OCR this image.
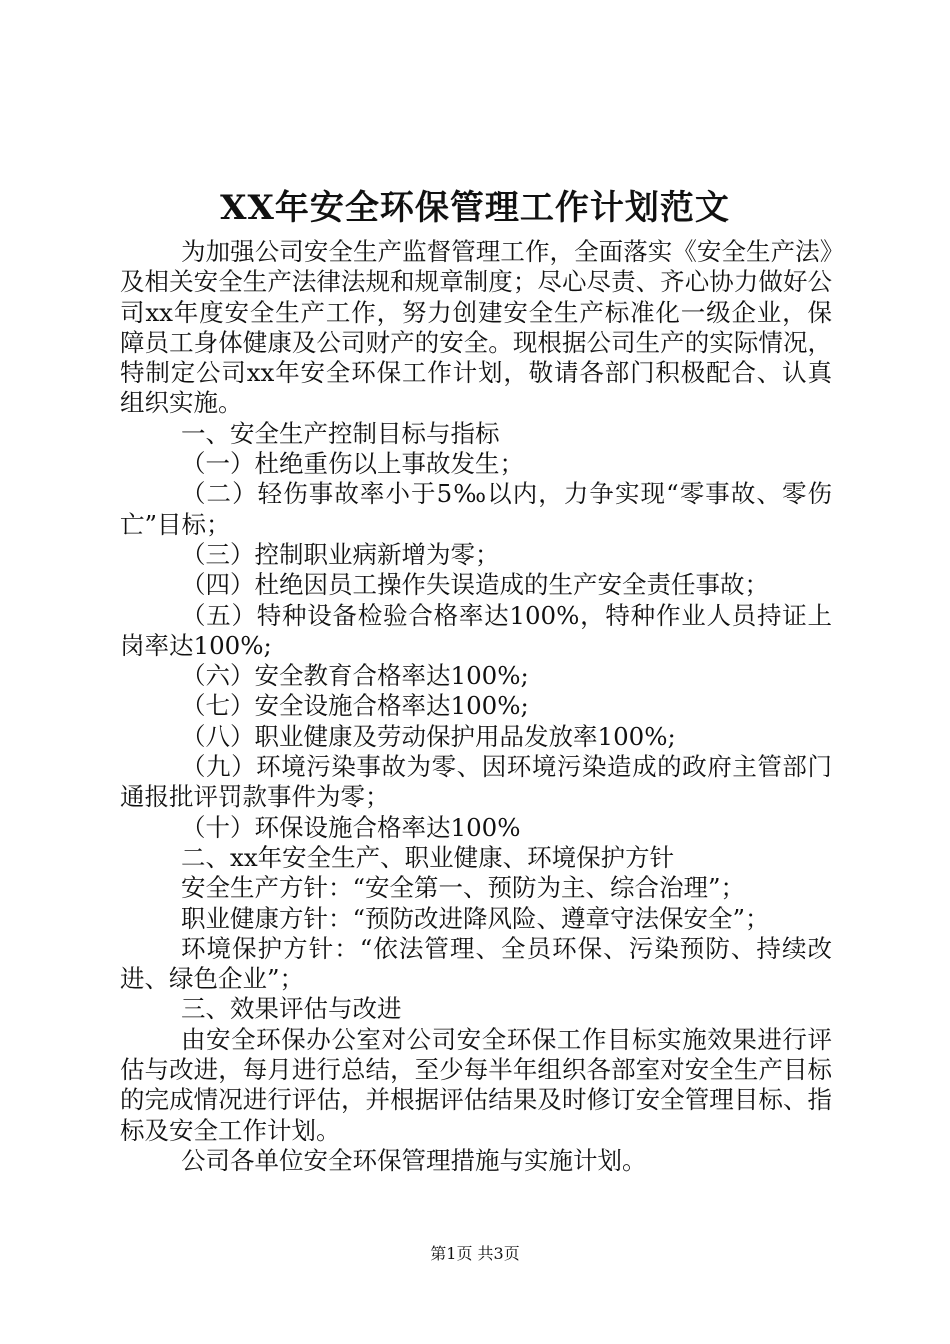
XX年安全环保管理工作计划范文

为加强公司安全生产监督管理工作，全面落实《安全生产法》及相关安全生产法律法规和规章制度；尽心尽责、齐心协力做好公司xx年度安全生产工作，努力创建安全生产标准化一级企业，保障员工身体健康及公司财产的安全。现根据公司生产的实际情况，特制定公司xx年安全环保工作计划，敬请各部门积极配合、认真组织实施。

一、安全生产控制目标与指标

（一）杜绝重伤以上事故发生；

（二）轻伤事故率小于5‰以内，力争实现“零事故、零伤亡”目标；

（三）控制职业病新增为零；

（四）杜绝因员工操作失误造成的生产安全责任事故；

（五）特种设备检验合格率达100%，特种作业人员持证上岗率达100%;

（六）安全教育合格率达100%;

（七）安全设施合格率达100%;

（八）职业健康及劳动保护用品发放率100%;

（九）环境污染事故为零、因环境污染造成的政府主管部门通报批评罚款事件为零；

（十）环保设施合格率达100%

二、xx年安全生产、职业健康、环境保护方针

安全生产方针：“安全第一、预防为主、综合治理”；

职业健康方针：“预防改进降风险、遵章守法保安全”；

环境保护方针：“依法管理、全员环保、污染预防、持续改进、绿色企业”；

三、效果评估与改进

由安全环保办公室对公司安全环保工作目标实施效果进行评估与改进，每月进行总结，至少每半年组织各部室对安全生产目标的完成情况进行评估，并根据评估结果及时修订安全管理目标、指标及安全工作计划。

公司各单位安全环保管理措施与实施计划。

第1页 共3页
